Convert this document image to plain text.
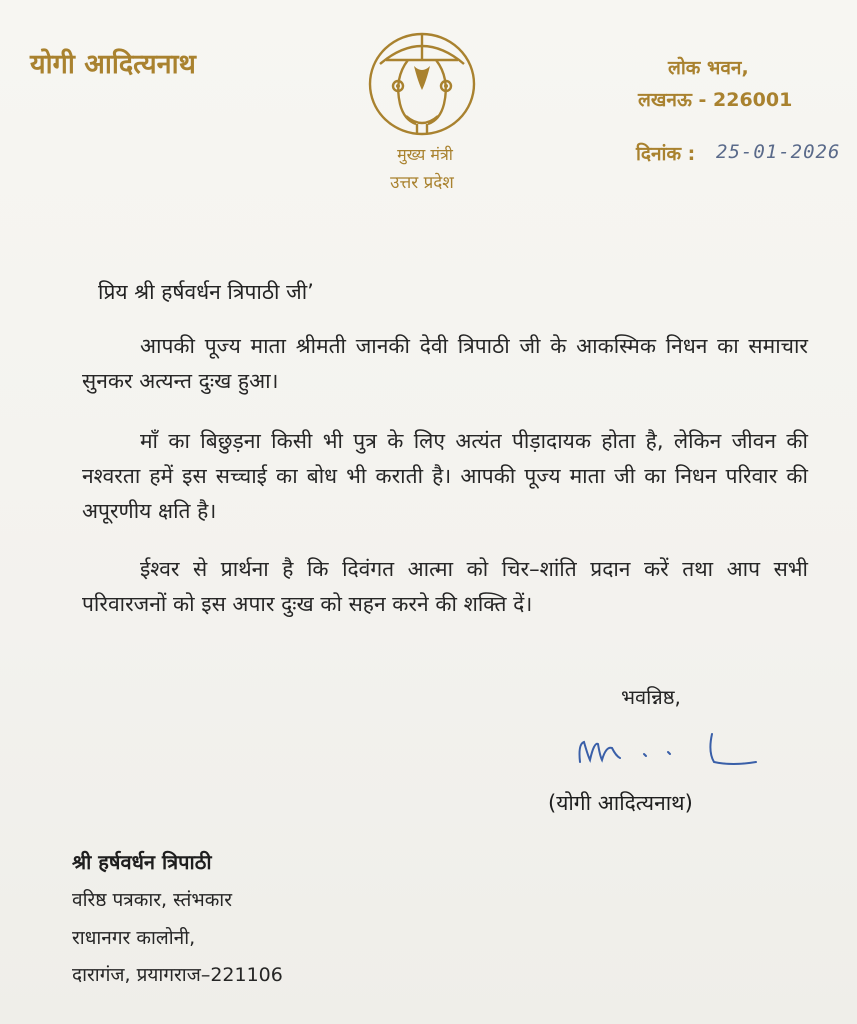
योगी आदित्यनाथ
मुख्य मंत्री
उत्तर प्रदेश
लोक भवन,
लखनऊ - 226001
दिनांक : 25-01-2026
प्रिय श्री हर्षवर्धन त्रिपाठी जी’
आपकी पूज्य माता श्रीमती जानकी देवी त्रिपाठी जी के आकस्मिक निधन का समाचार सुनकर अत्यन्त दुःख हुआ।
माँ का बिछुड़ना किसी भी पुत्र के लिए अत्यंत पीड़ादायक होता है, लेकिन जीवन की नश्वरता हमें इस सच्चाई का बोध भी कराती है। आपकी पूज्य माता जी का निधन परिवार की अपूरणीय क्षति है।
ईश्वर से प्रार्थना है कि दिवंगत आत्मा को चिर–शांति प्रदान करें तथा आप सभी परिवारजनों को इस अपार दुःख को सहन करने की शक्ति दें।
भवन्निष्ठ,
(योगी आदित्यनाथ)
श्री हर्षवर्धन त्रिपाठी
वरिष्ठ पत्रकार, स्तंभकार
राधानगर कालोनी,
दारागंज, प्रयागराज–221106
